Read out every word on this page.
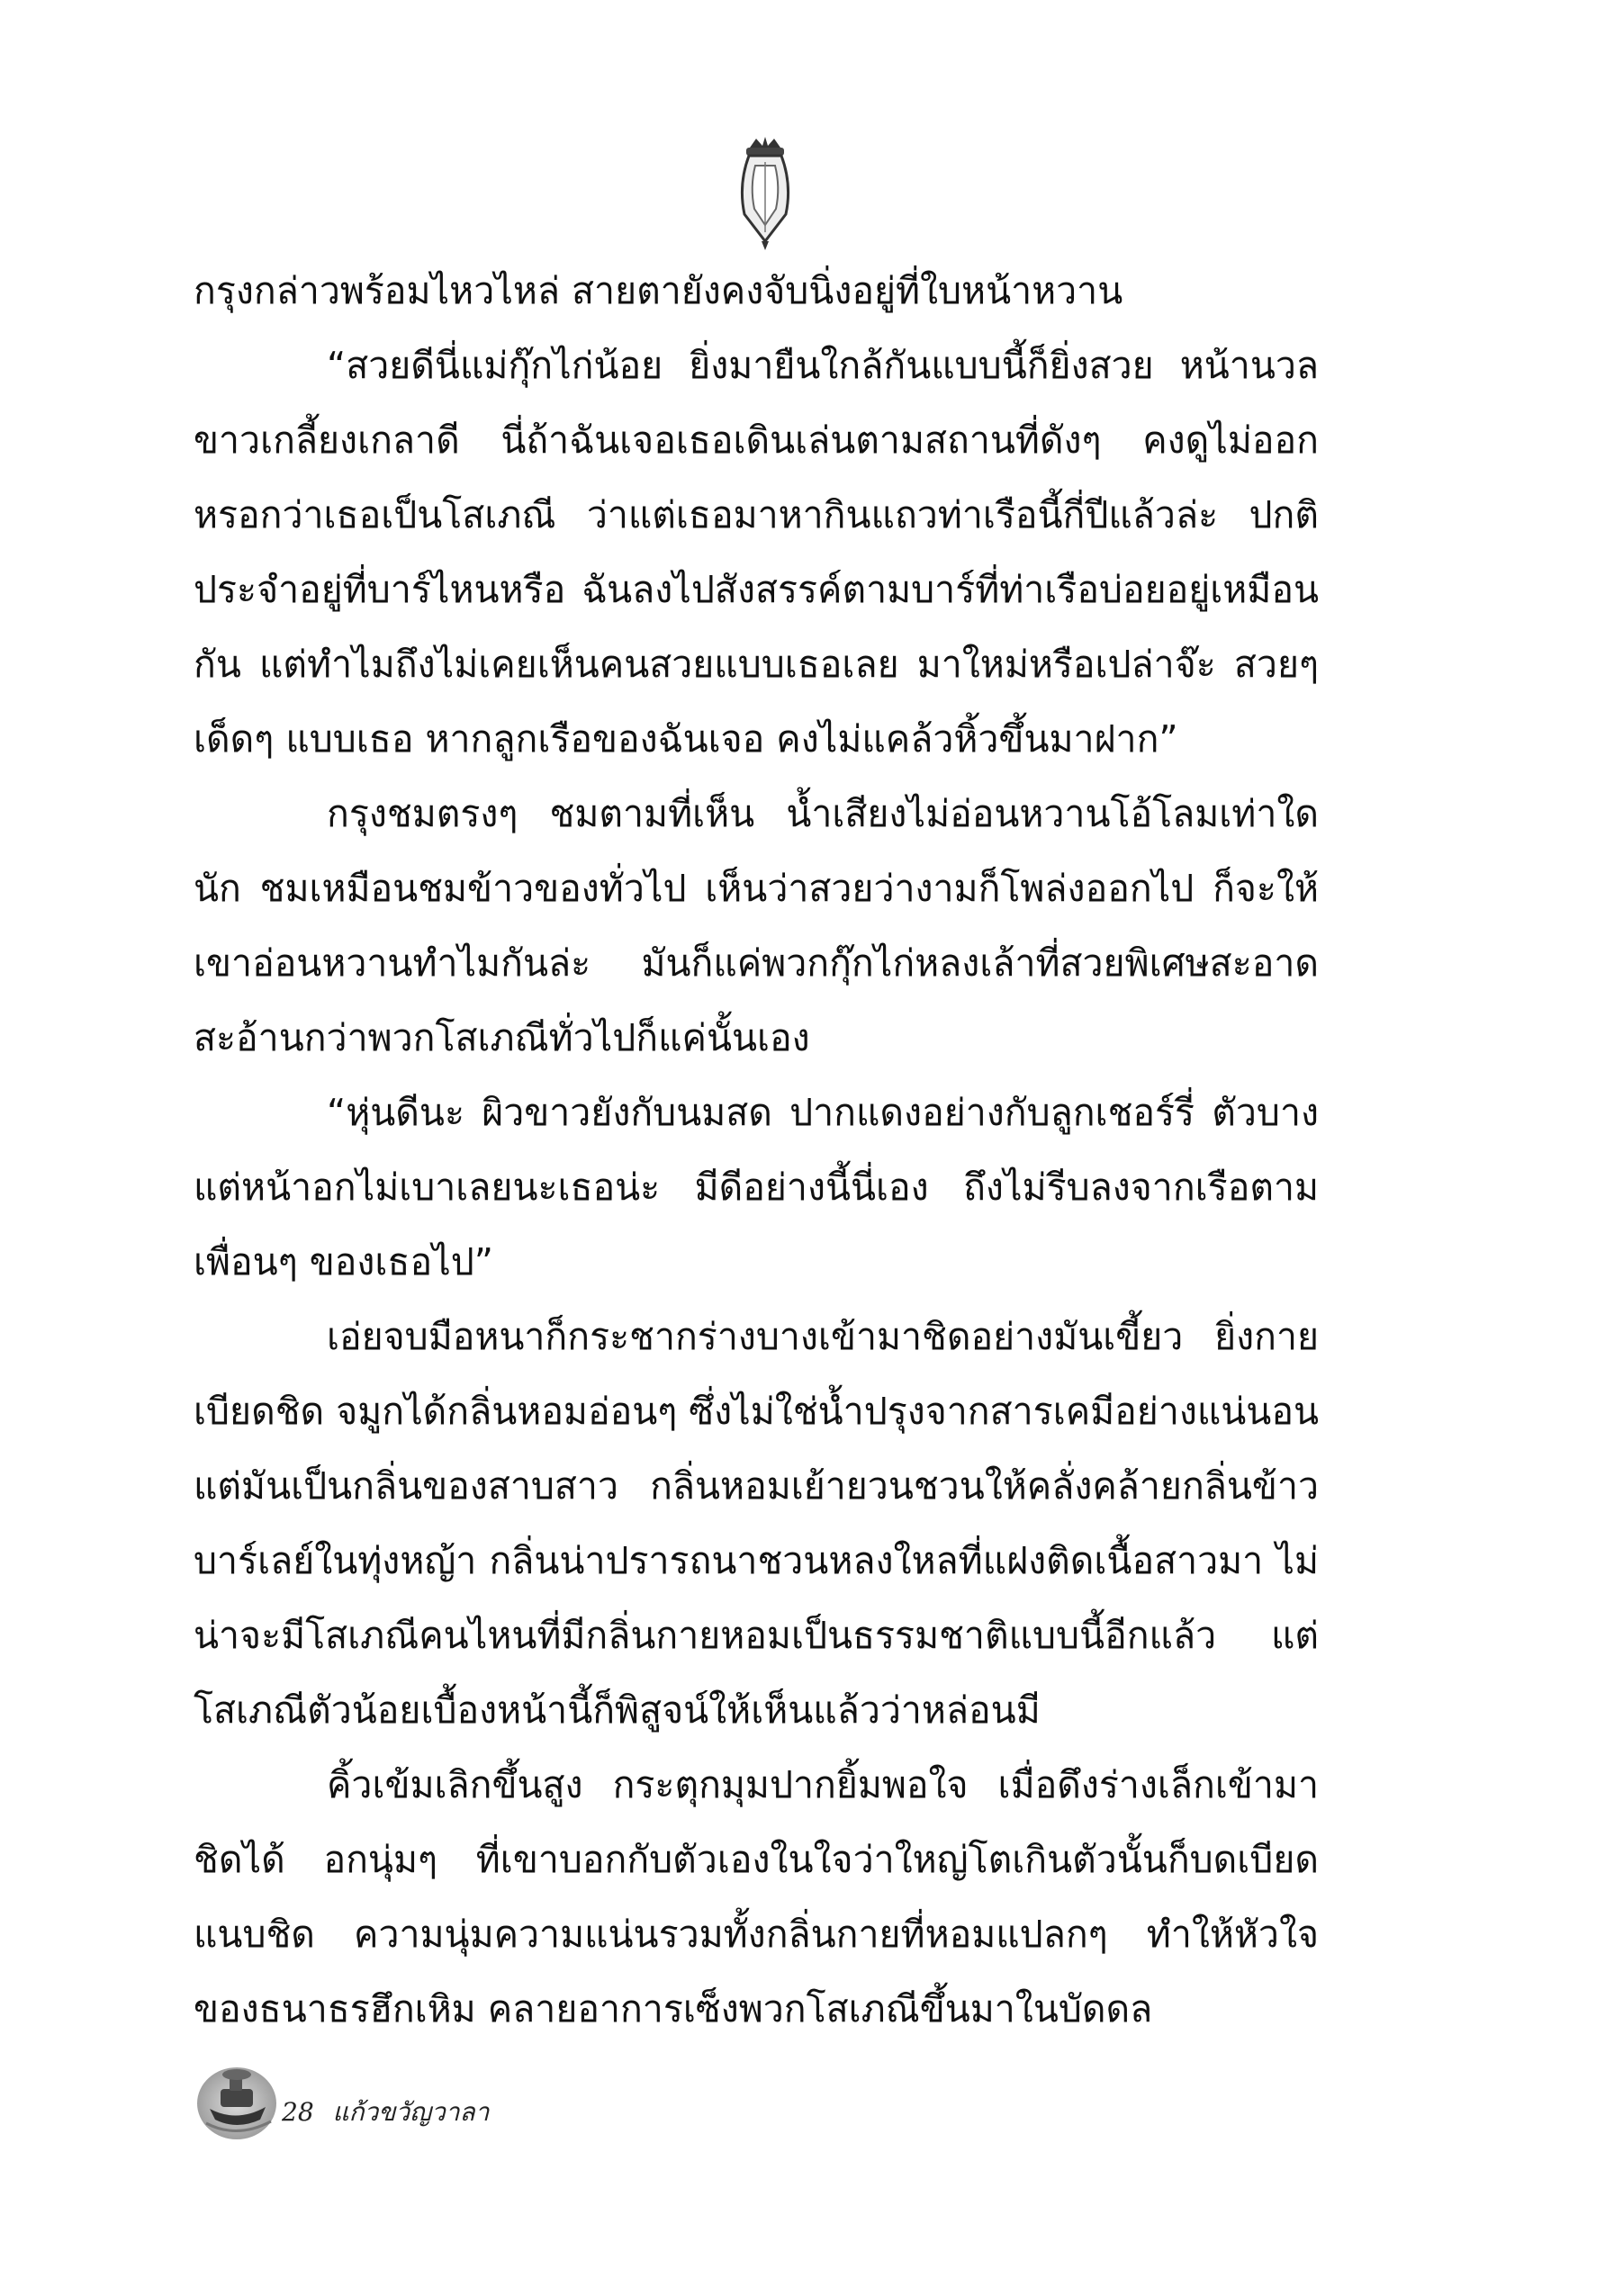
กรุงกล่าวพร้อมไหวไหล่ สายตายังคงจับนิ่งอยู่ที่ใบหน้าหวาน

“สวยดีนี่แม่กุ๊กไก่น้อย ยิ่งมายืนใกล้กันแบบนี้ก็ยิ่งสวย หน้านวลขาวเกลี้ยงเกลาดี นี่ถ้าฉันเจอเธอเดินเล่นตามสถานที่ดังๆ คงดูไม่ออกหรอกว่าเธอเป็นโสเภณี ว่าแต่เธอมาหากินแถวท่าเรือนี้กี่ปีแล้วล่ะ ปกติประจำอยู่ที่บาร์ไหนหรือ ฉันลงไปสังสรรค์ตามบาร์ที่ท่าเรือบ่อยอยู่เหมือนกัน แต่ทำไมถึงไม่เคยเห็นคนสวยแบบเธอเลย มาใหม่หรือเปล่าจ๊ะ สวยๆ เด็ดๆ แบบเธอ หากลูกเรือของฉันเจอ คงไม่แคล้วหิ้วขึ้นมาฝาก”

กรุงชมตรงๆ ชมตามที่เห็น น้ำเสียงไม่อ่อนหวานโอ้โลมเท่าใดนัก ชมเหมือนชมข้าวของทั่วไป เห็นว่าสวยว่างามก็โพล่งออกไป ก็จะให้เขาอ่อนหวานทำไมกันล่ะ มันก็แค่พวกกุ๊กไก่หลงเล้าที่สวยพิเศษสะอาดสะอ้านกว่าพวกโสเภณีทั่วไปก็แค่นั้นเอง

“หุ่นดีนะ ผิวขาวยังกับนมสด ปากแดงอย่างกับลูกเชอร์รี่ ตัวบางแต่หน้าอกไม่เบาเลยนะเธอน่ะ มีดีอย่างนี้นี่เอง ถึงไม่รีบลงจากเรือตามเพื่อนๆ ของเธอไป”

เอ่ยจบมือหนาก็กระชากร่างบางเข้ามาชิดอย่างมันเขี้ยว ยิ่งกายเบียดชิด จมูกได้กลิ่นหอมอ่อนๆ ซึ่งไม่ใช่น้ำปรุงจากสารเคมีอย่างแน่นอน แต่มันเป็นกลิ่นของสาบสาว กลิ่นหอมเย้ายวนชวนให้คลั่งคล้ายกลิ่นข้าวบาร์เลย์ในทุ่งหญ้า กลิ่นน่าปรารถนาชวนหลงใหลที่แฝงติดเนื้อสาวมา ไม่น่าจะมีโสเภณีคนไหนที่มีกลิ่นกายหอมเป็นธรรมชาติแบบนี้อีกแล้ว แต่โสเภณีตัวน้อยเบื้องหน้านี้ก็พิสูจน์ให้เห็นแล้วว่าหล่อนมี

คิ้วเข้มเลิกขึ้นสูง กระตุกมุมปากยิ้มพอใจ เมื่อดึงร่างเล็กเข้ามาชิดได้ อกนุ่มๆ ที่เขาบอกกับตัวเองในใจว่าใหญ่โตเกินตัวนั้นก็บดเบียดแนบชิด ความนุ่มความแน่นรวมทั้งกลิ่นกายที่หอมแปลกๆ ทำให้หัวใจของธนาธรฮึกเหิม คลายอาการเซ็งพวกโสเภณีขึ้นมาในบัดดล

28 แก้วขวัญวาลา
